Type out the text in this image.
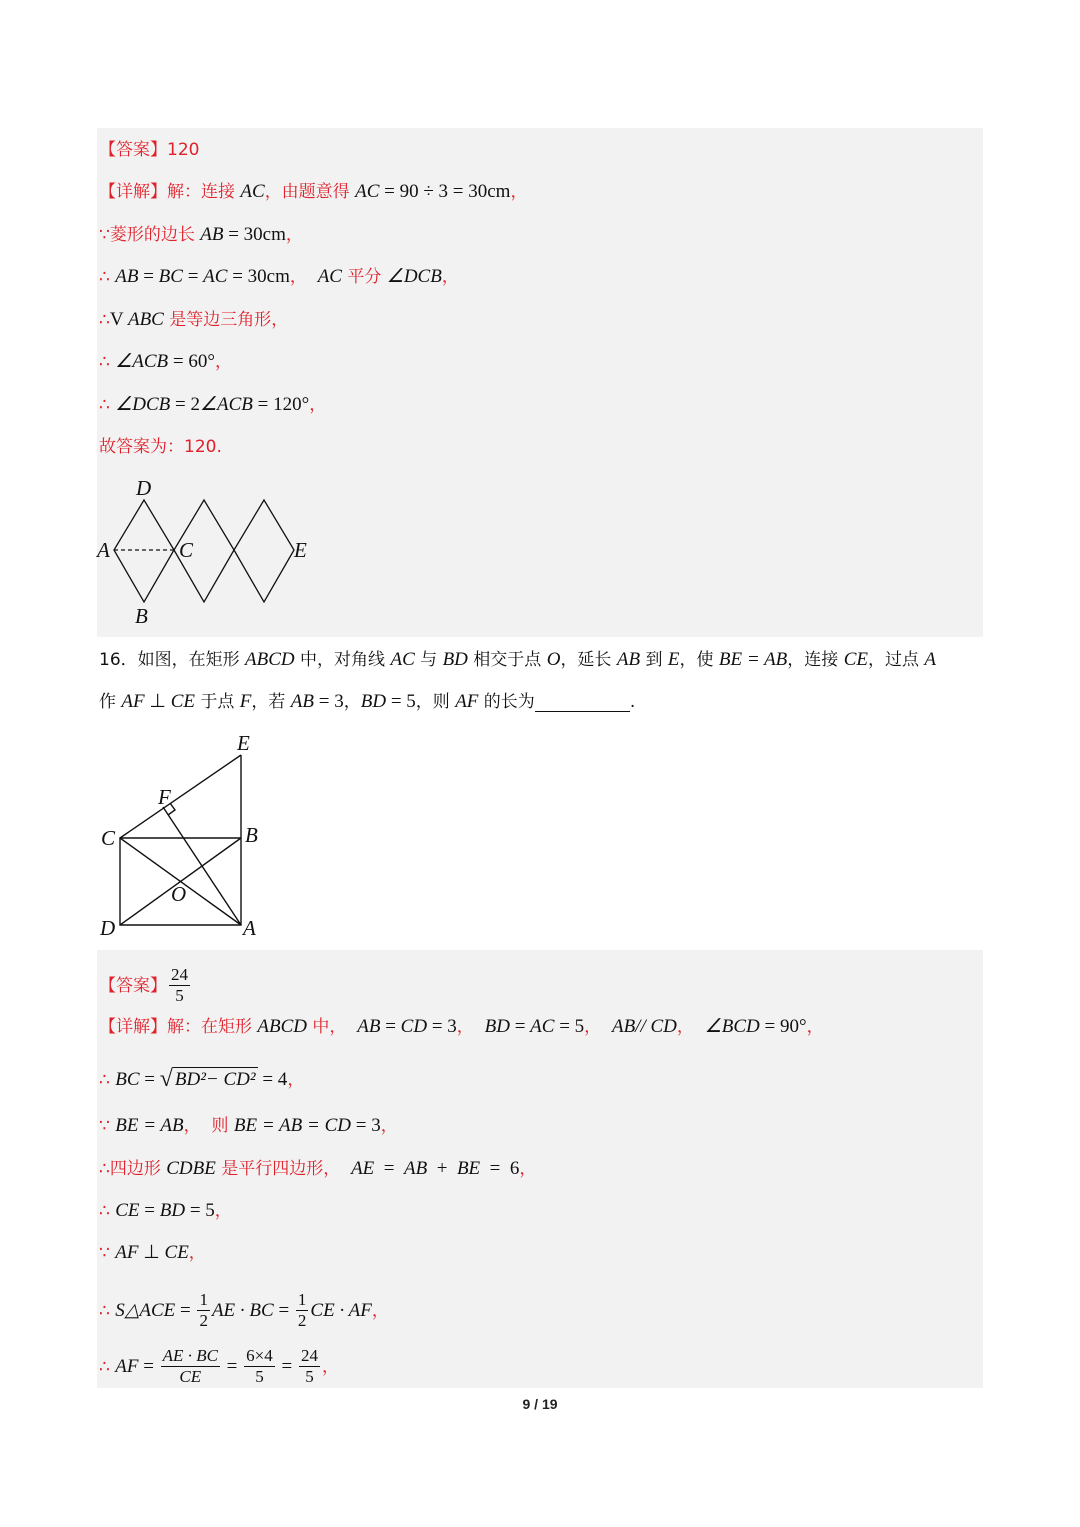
【答案】 120
【详解】解：连接 AC ，由题意得 AC = 90 ÷ 3 = 30cm ，
∵菱形的边长 AB = 30cm ，
∴ AB = BC = AC = 30cm ， AC 平分 ∠DCB ，
∴ V ABC 是等边三角形，
∴ ∠ACB = 60° ，
∴ ∠DCB = 2 ∠ACB = 120° ，
故答案为：120.
16．如图，在矩形 ABCD 中，对角线 AC 与 BD 相交于点 O ，延长 AB 到 E ，使 BE = AB ，连接 CE ，过点 A
作 AF ⊥ CE 于点 F ，若 AB = 3 ， BD = 5 ，则 AF 的长为	.
【答案】 $\frac{24}{5}$
【详解】解：在矩形 ABCD 中， AB = CD = 3 ， BD = AC = 5 ， AB// CD ， ∠BCD = 90° ，
∴ BC = √ BD²− CD² = 4 ，
∵ BE = AB ，  则 BE = AB = CD = 3 ，
∴四边形 CDBE 是平行四边形， AE = AB + BE =  6 ，
∴ CE = BD = 5 ，
∵ AF ⊥ CE ，
∴ S △ACE = $\frac{1}{2}$ AE · BC = $\frac{1}{2}$ CE · AF ，
∴ AF = $\frac{AE \cdot BC}{CE} = \frac{6\times 4}{5} = \frac{24}{5}$ ，
D
A	C	E
B
E
F
C	B
O
D	A
9 / 19
